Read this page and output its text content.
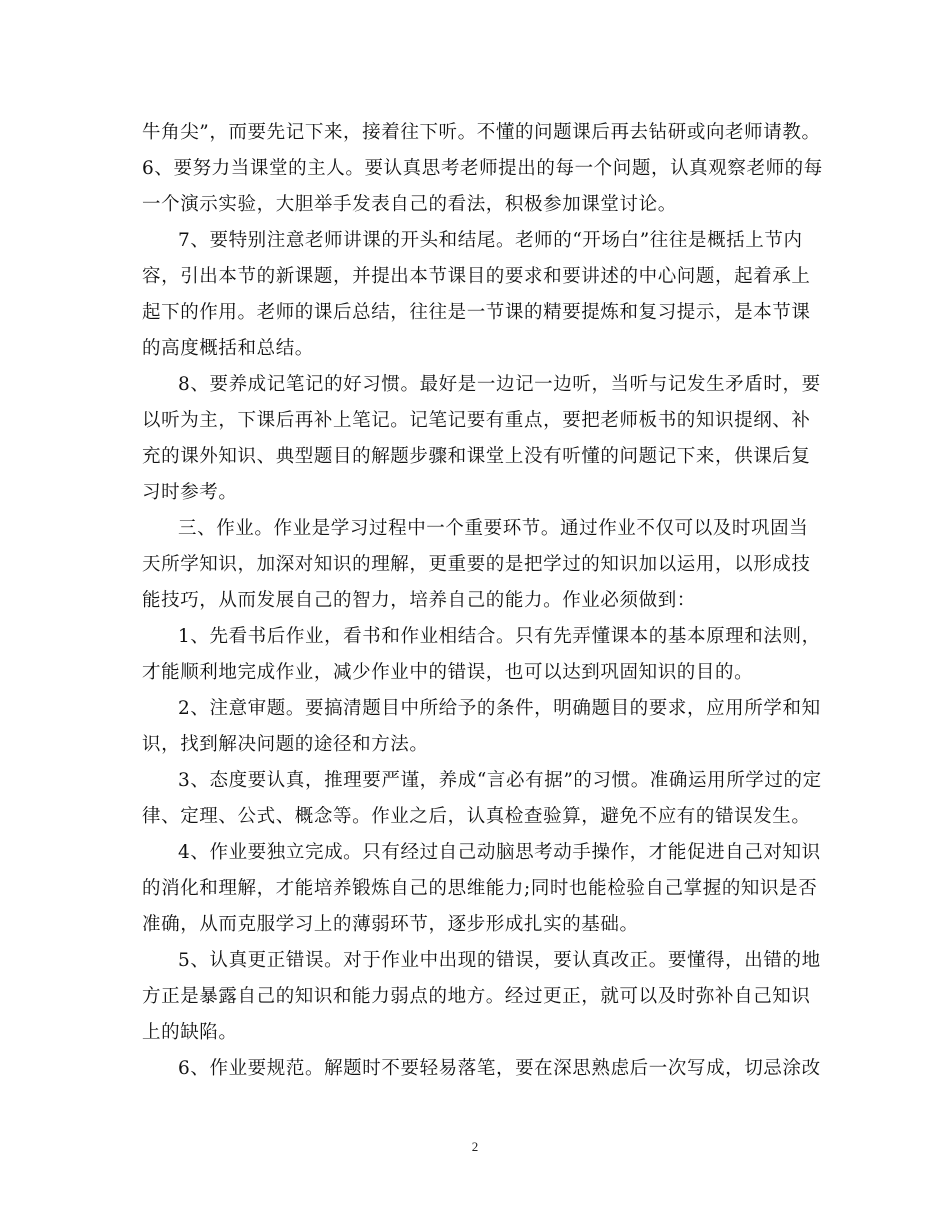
牛角尖”，而要先记下来，接着往下听。不懂的问题课后再去钻研或向老师请教。
6、要努力当课堂的主人。要认真思考老师提出的每一个问题，认真观察老师的每
一个演示实验，大胆举手发表自己的看法，积极参加课堂讨论。
7、要特别注意老师讲课的开头和结尾。老师的“开场白”往往是概括上节内
容，引出本节的新课题，并提出本节课目的要求和要讲述的中心问题，起着承上
起下的作用。老师的课后总结，往往是一节课的精要提炼和复习提示，是本节课
的高度概括和总结。
8、要养成记笔记的好习惯。最好是一边记一边听，当听与记发生矛盾时，要
以听为主，下课后再补上笔记。记笔记要有重点，要把老师板书的知识提纲、补
充的课外知识、典型题目的解题步骤和课堂上没有听懂的问题记下来，供课后复
习时参考。
三、作业。作业是学习过程中一个重要环节。通过作业不仅可以及时巩固当
天所学知识，加深对知识的理解，更重要的是把学过的知识加以运用，以形成技
能技巧，从而发展自己的智力，培养自己的能力。作业必须做到：
1、先看书后作业，看书和作业相结合。只有先弄懂课本的基本原理和法则，
才能顺利地完成作业，减少作业中的错误，也可以达到巩固知识的目的。
2、注意审题。要搞清题目中所给予的条件，明确题目的要求，应用所学和知
识，找到解决问题的途径和方法。
3、态度要认真，推理要严谨，养成“言必有据”的习惯。准确运用所学过的定
律、定理、公式、概念等。作业之后，认真检查验算，避免不应有的错误发生。
4、作业要独立完成。只有经过自己动脑思考动手操作，才能促进自己对知识
的消化和理解，才能培养锻炼自己的思维能力;同时也能检验自己掌握的知识是否
准确，从而克服学习上的薄弱环节，逐步形成扎实的基础。
5、认真更正错误。对于作业中出现的错误，要认真改正。要懂得，出错的地
方正是暴露自己的知识和能力弱点的地方。经过更正，就可以及时弥补自己知识
上的缺陷。
6、作业要规范。解题时不要轻易落笔，要在深思熟虑后一次写成，切忌涂改
2
